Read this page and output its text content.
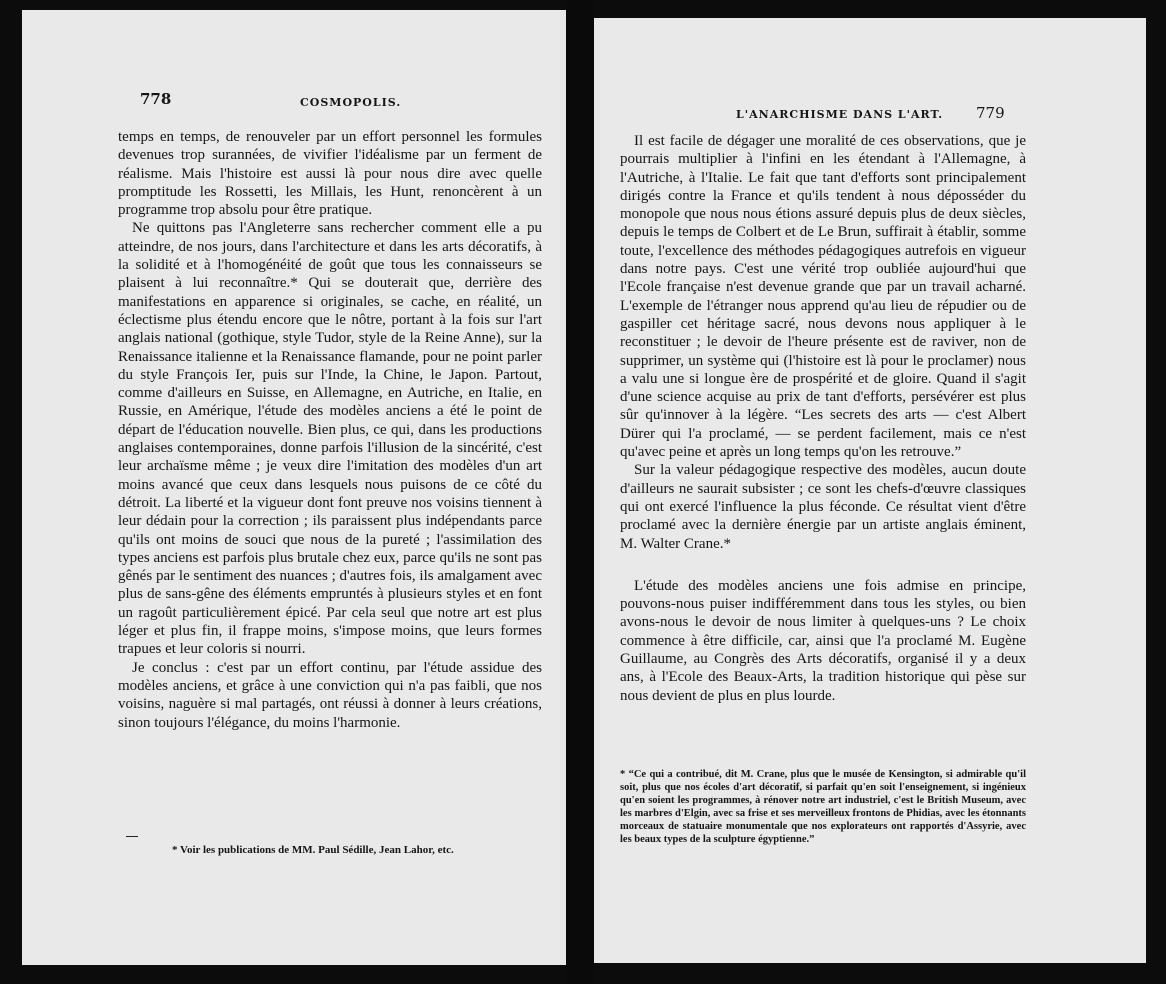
778	COSMOPOLIS.

temps en temps, de renouveler par un effort personnel les formules devenues trop surannées, de vivifier l'idéalisme par un ferment de réalisme. Mais l'histoire est aussi là pour nous dire avec quelle promptitude les Rossetti, les Millais, les Hunt, renoncèrent à un programme trop absolu pour être pratique.

Ne quittons pas l'Angleterre sans rechercher comment elle a pu atteindre, de nos jours, dans l'architecture et dans les arts décoratifs, à la solidité et à l'homogénéité de goût que tous les connaisseurs se plaisent à lui reconnaître.* Qui se douterait que, derrière des manifestations en apparence si originales, se cache, en réalité, un éclectisme plus étendu encore que le nôtre, portant à la fois sur l'art anglais national (gothique, style Tudor, style de la Reine Anne), sur la Renaissance italienne et la Renaissance flamande, pour ne point parler du style François Ier, puis sur l'Inde, la Chine, le Japon. Partout, comme d'ailleurs en Suisse, en Allemagne, en Autriche, en Italie, en Russie, en Amérique, l'étude des modèles anciens a été le point de départ de l'éducation nouvelle. Bien plus, ce qui, dans les productions anglaises contemporaines, donne parfois l'illusion de la sincérité, c'est leur archaïsme même ; je veux dire l'imitation des modèles d'un art moins avancé que ceux dans lesquels nous puisons de ce côté du détroit. La liberté et la vigueur dont font preuve nos voisins tiennent à leur dédain pour la correction ; ils paraissent plus indépendants parce qu'ils ont moins de souci que nous de la pureté ; l'assimilation des types anciens est parfois plus brutale chez eux, parce qu'ils ne sont pas gênés par le sentiment des nuances ; d'autres fois, ils amalgament avec plus de sans-gêne des éléments empruntés à plusieurs styles et en font un ragoût particulièrement épicé. Par cela seul que notre art est plus léger et plus fin, il frappe moins, s'impose moins, que leurs formes trapues et leur coloris si nourri.

Je conclus : c'est par un effort continu, par l'étude assidue des modèles anciens, et grâce à une conviction qui n'a pas faibli, que nos voisins, naguère si mal partagés, ont réussi à donner à leurs créations, sinon toujours l'élégance, du moins l'harmonie.

* Voir les publications de MM. Paul Sédille, Jean Lahor, etc.
L'ANARCHISME DANS L'ART. 779

Il est facile de dégager une moralité de ces observations, que je pourrais multiplier à l'infini en les étendant à l'Allemagne, à l'Autriche, à l'Italie. Le fait que tant d'efforts sont principalement dirigés contre la France et qu'ils tendent à nous déposséder du monopole que nous nous étions assuré depuis plus de deux siècles, depuis le temps de Colbert et de Le Brun, suffirait à établir, somme toute, l'excellence des méthodes pédagogiques autrefois en vigueur dans notre pays. C'est une vérité trop oubliée aujourd'hui que l'Ecole française n'est devenue grande que par un travail acharné. L'exemple de l'étranger nous apprend qu'au lieu de répudier ou de gaspiller cet héritage sacré, nous devons nous appliquer à le reconstituer ; le devoir de l'heure présente est de raviver, non de supprimer, un système qui (l'histoire est là pour le proclamer) nous a valu une si longue ère de prospérité et de gloire. Quand il s'agit d'une science acquise au prix de tant d'efforts, persévérer est plus sûr qu'innover à la légère. “Les secrets des arts — c'est Albert Dürer qui l'a proclamé, — se perdent facilement, mais ce n'est qu'avec peine et après un long temps qu'on les retrouve.”

Sur la valeur pédagogique respective des modèles, aucun doute d'ailleurs ne saurait subsister ; ce sont les chefs-d'œuvre classiques qui ont exercé l'influence la plus féconde. Ce résultat vient d'être proclamé avec la dernière énergie par un artiste anglais éminent, M. Walter Crane.*

L'étude des modèles anciens une fois admise en principe, pouvons-nous puiser indifféremment dans tous les styles, ou bien avons-nous le devoir de nous limiter à quelques-uns ? Le choix commence à être difficile, car, ainsi que l'a proclamé M. Eugène Guillaume, au Congrès des Arts décoratifs, organisé il y a deux ans, à l'Ecole des Beaux-Arts, la tradition historique qui pèse sur nous devient de plus en plus lourde.

* “Ce qui a contribué, dit M. Crane, plus que le musée de Kensington, si admirable qu'il soit, plus que nos écoles d'art décoratif, si parfait qu'en soit l'enseignement, si ingénieux qu'en soient les programmes, à rénover notre art industriel, c'est le British Museum, avec les marbres d'Elgin, avec sa frise et ses merveilleux frontons de Phidias, avec les étonnants morceaux de statuaire monumentale que nos explorateurs ont rapportés d'Assyrie, avec les beaux types de la sculpture égyptienne.”
